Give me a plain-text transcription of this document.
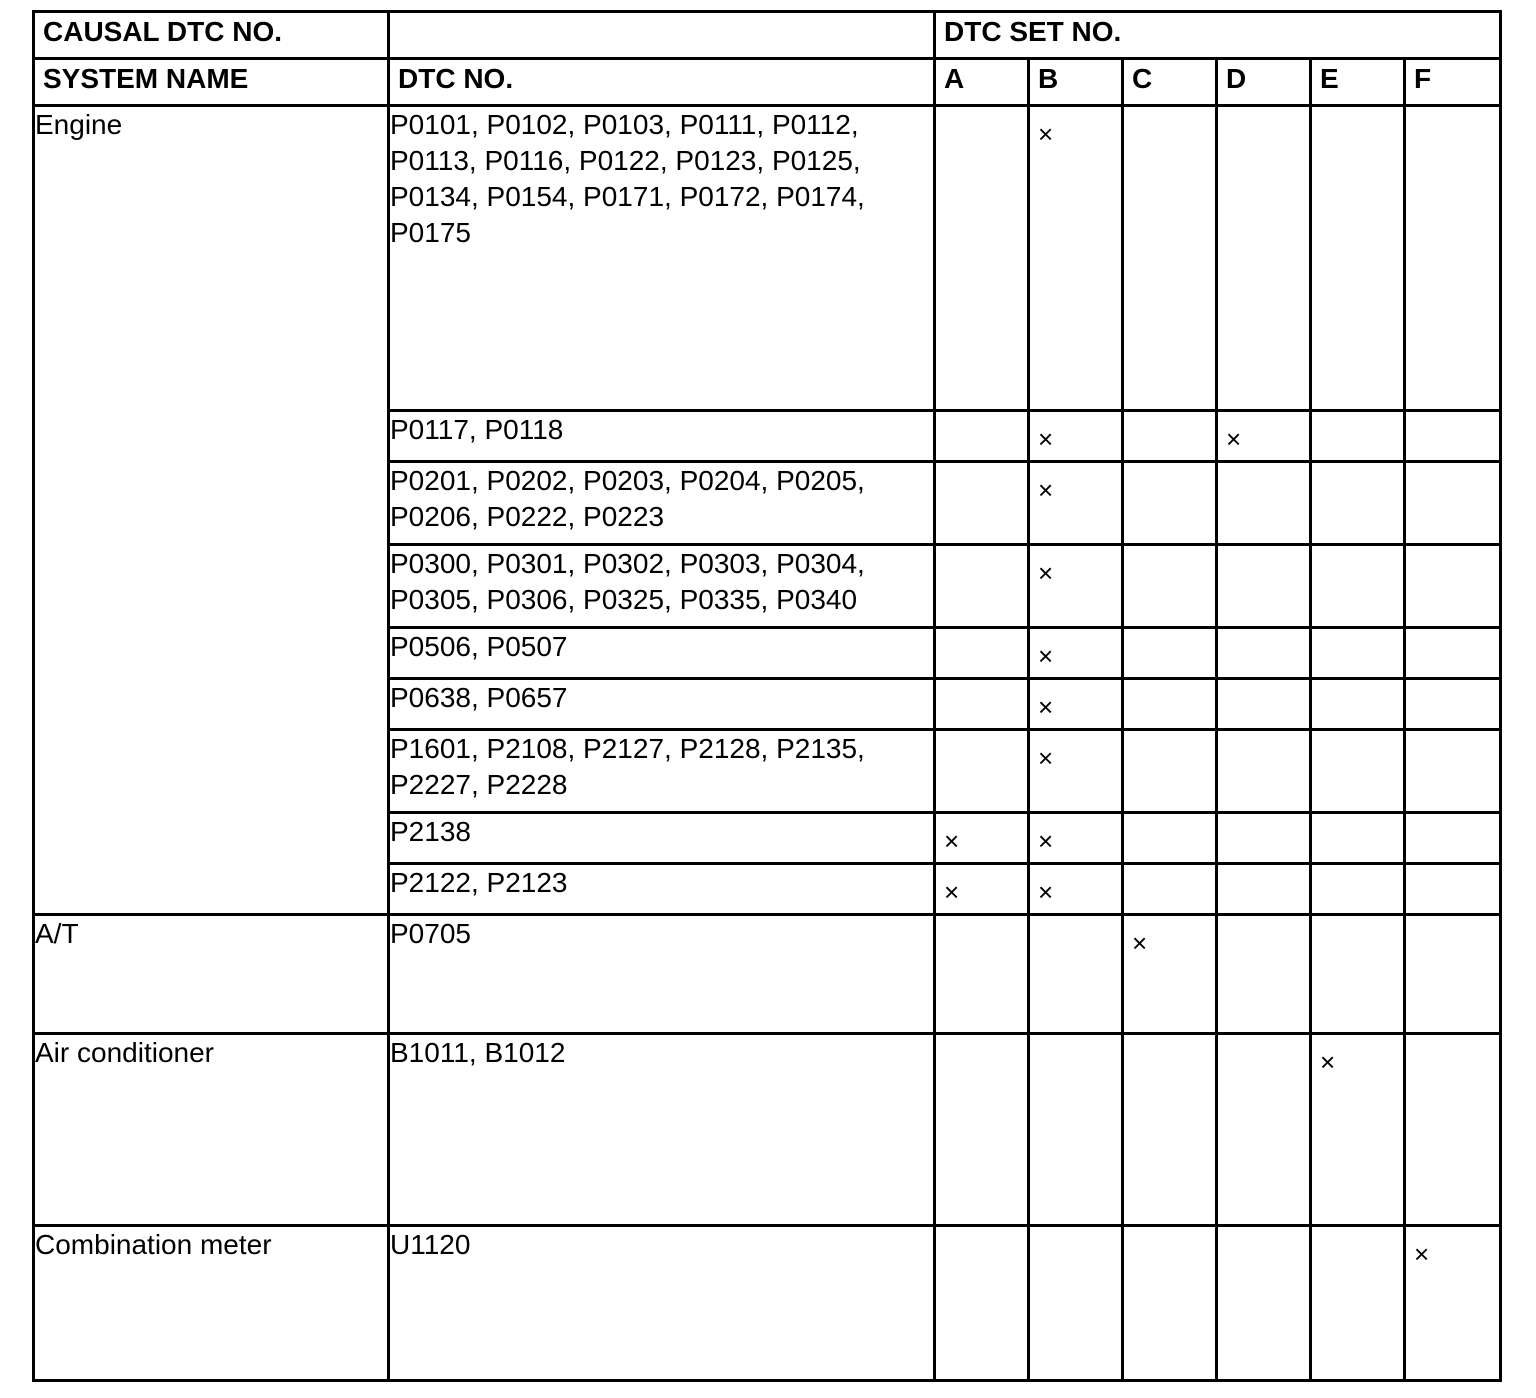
CAUSAL DTC NO.		DTC SET NO.					
SYSTEM NAME	DTC NO.	A	B	C	D	E	F
Engine	P0101, P0102, P0103, P0111, P0112,
P0113, P0116, P0122, P0123, P0125,
P0134, P0154, P0171, P0172, P0174,
P0175		×				

	P0117, P0118		×		×		

	P0201, P0202, P0203, P0204, P0205,
P0206, P0222, P0223		×				

	P0300, P0301, P0302, P0303, P0304,
P0305, P0306, P0325, P0335, P0340		×				

	P0506, P0507		×				

	P0638, P0657		×				

	P1601, P2108, P2127, P2128, P2135,
P2227, P2228		×				

	P2138	×	×				

	P2122, P2123	×	×				

A/T	P0705			×			

Air conditioner	B1011, B1012					×	

Combination meter	U1120						×
